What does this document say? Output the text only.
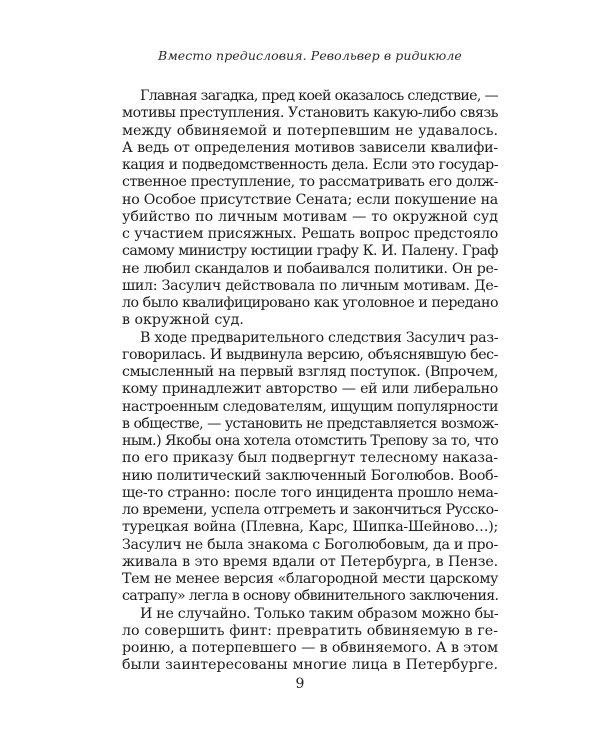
Вместо предисловия. Револьвер в ридикюле
Главная загадка, пред коей оказалось следствие, —
мотивы преступления. Установить какую-либо связь
между обвиняемой и потерпевшим не удавалось.
А ведь от определения мотивов зависели квалифи-
кация и подведомственность дела. Если это государ-
ственное преступление, то рассматривать его долж-
но Особое присутствие Сената; если покушение на
убийство по личным мотивам — то окружной суд
с участием присяжных. Решать вопрос предстояло
самому министру юстиции графу К. И. Палену. Граф
не любил скандалов и побаивался политики. Он ре-
шил: Засулич действовала по личным мотивам. Де-
ло было квалифицировано как уголовное и передано
в окружной суд.
В ходе предварительного следствия Засулич раз-
говорилась. И выдвинула версию, объяснявшую бес-
смысленный на первый взгляд поступок. (Впрочем,
кому принадлежит авторство — ей или либерально
настроенным следователям, ищущим популярности
в обществе, — установить не представляется возмож-
ным.) Якобы она хотела отомстить Трепову за то, что
по его приказу был подвергнут телесному наказа-
нию политический заключенный Боголюбов. Вооб-
ще-то странно: после того инцидента прошло нема-
ло времени, успела отгреметь и закончиться Русско-
турецкая война (Плевна, Карс, Шипка-Шейново…);
Засулич не была знакома с Боголюбовым, да и про-
живала в это время вдали от Петербурга, в Пензе.
Тем не менее версия «благородной мести царскому
сатрапу» легла в основу обвинительного заключения.
И не случайно. Только таким образом можно бы-
ло совершить финт: превратить обвиняемую в ге-
роиню, а потерпевшего — в обвиняемого. А в этом
были заинтересованы многие лица в Петербурге.
9
